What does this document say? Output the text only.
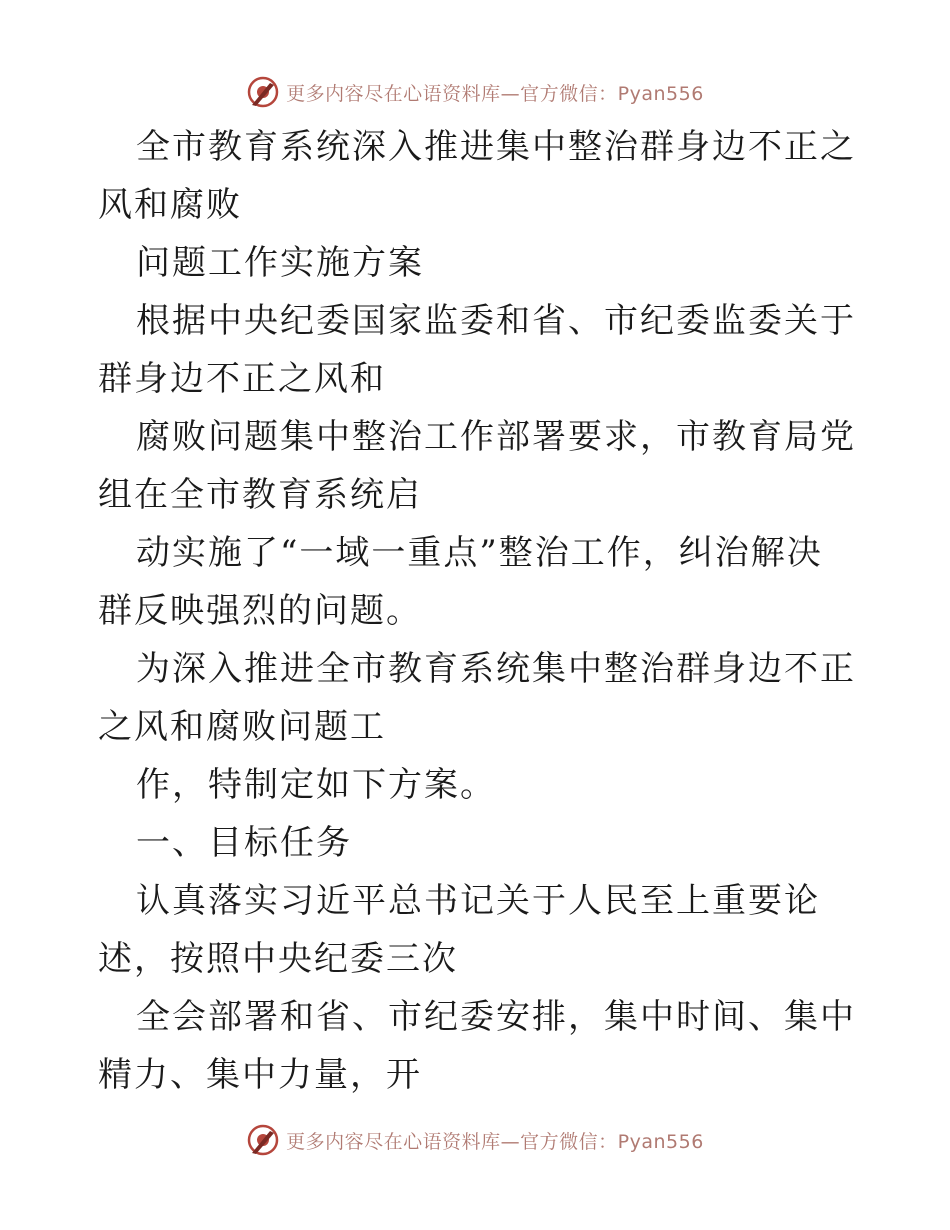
更多内容尽在心语资料库—官方微信：Pyan556

全市教育系统深入推进集中整治群身边不正之风和腐败

问题工作实施方案

根据中央纪委国家监委和省、市纪委监委关于群身边不正之风和

腐败问题集中整治工作部署要求，市教育局党组在全市教育系统启

动实施了“一域一重点”整治工作，纠治解决群反映强烈的问题。

为深入推进全市教育系统集中整治群身边不正之风和腐败问题工

作，特制定如下方案。

一、目标任务

认真落实习近平总书记关于人民至上重要论述，按照中央纪委三次

全会部署和省、市纪委安排，集中时间、集中精力、集中力量，开

更多内容尽在心语资料库—官方微信：Pyan556
